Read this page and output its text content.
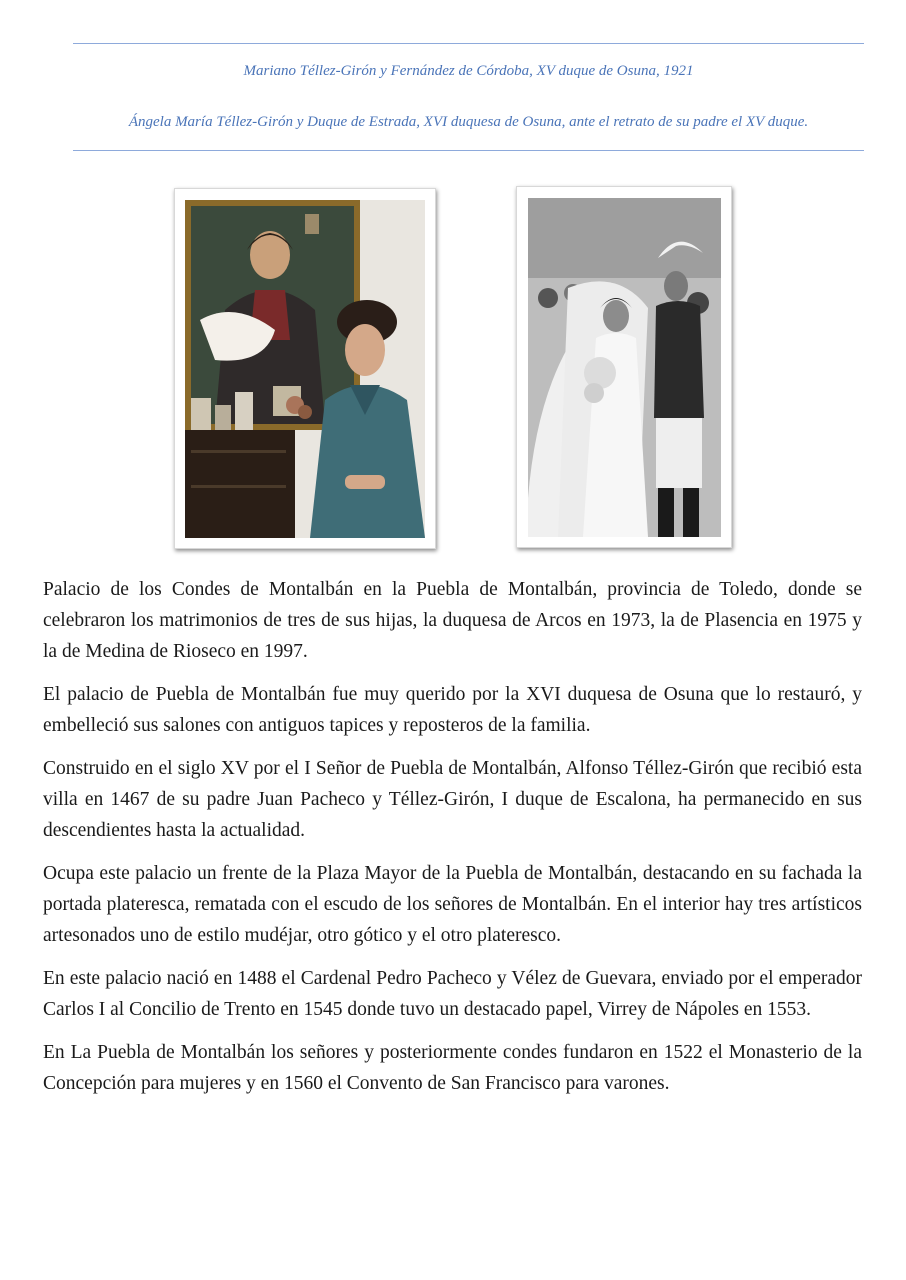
Mariano Téllez-Girón y Fernández de Córdoba, XV duque de Osuna, 1921
Ángela María Téllez-Girón y Duque de Estrada, XVI duquesa de Osuna, ante el retrato de su padre el XV duque.

Palacio de los Condes de Montalbán en la Puebla de Montalbán, provincia de Toledo, donde se celebraron los matrimonios de tres de sus hijas, la duquesa de Arcos en 1973, la de Plasencia en 1975 y la de Medina de Rioseco en 1997.

El palacio de Puebla de Montalbán fue muy querido por la XVI duquesa de Osuna que lo restauró, y embelleció sus salones con antiguos tapices y reposteros de la familia.

Construido en el siglo XV por el I Señor de Puebla de Montalbán, Alfonso Téllez-Girón que recibió esta villa en 1467 de su padre Juan Pacheco y Téllez-Girón, I duque de Escalona, ha permanecido en sus descendientes hasta la actualidad.

Ocupa este palacio un frente de la Plaza Mayor de la Puebla de Montalbán, destacando en su fachada la portada plateresca, rematada con el escudo de los señores de Montalbán. En el interior hay tres artísticos artesonados uno de estilo mudéjar, otro gótico y el otro plateresco.

En este palacio nació en 1488 el Cardenal Pedro Pacheco y Vélez de Guevara, enviado por el emperador Carlos I al Concilio de Trento en 1545 donde tuvo un destacado papel, Virrey de Nápoles en 1553.

En La Puebla de Montalbán los señores y posteriormente condes fundaron en 1522 el Monasterio de la Concepción para mujeres y en 1560 el Convento de San Francisco para varones.
